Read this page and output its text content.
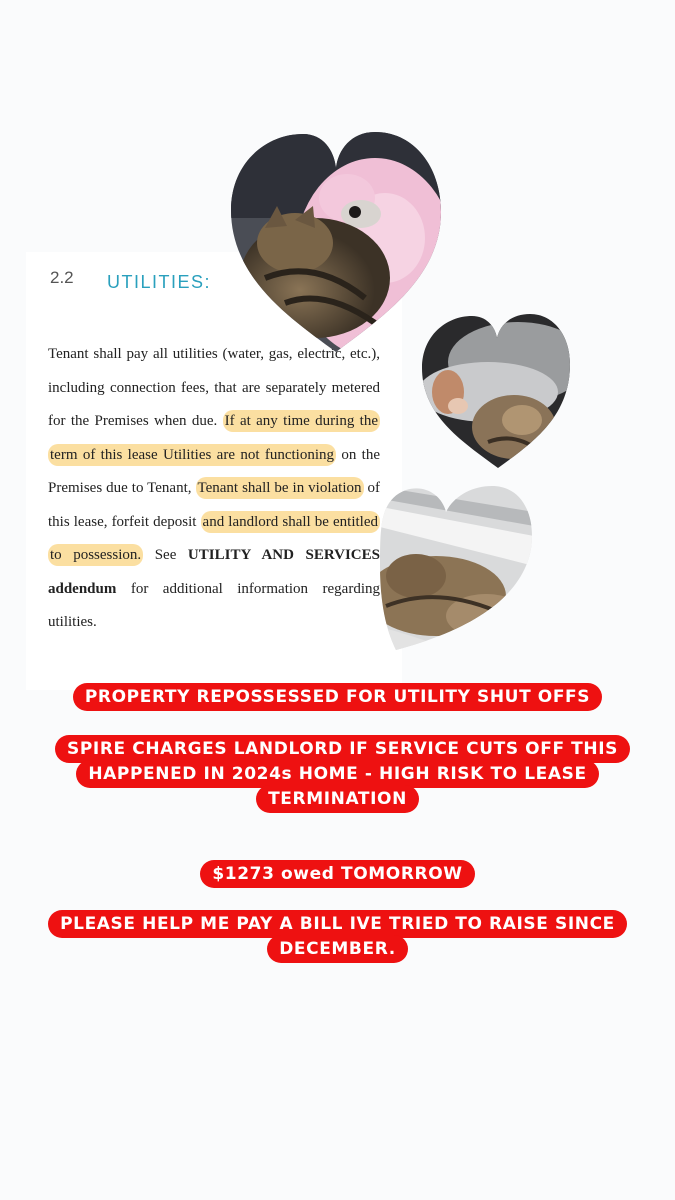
2.2 UTILITIES:
Tenant shall pay all utilities (water, gas, electric, etc.), including connection fees, that are separately metered for the Premises when due. If at any time during the term of this lease Utilities are not functioning on the Premises due to Tenant, Tenant shall be in violation of this lease, forfeit deposit and landlord shall be entitled to possession. See UTILITY AND SERVICES addendum for additional information regarding utilities.
PROPERTY REPOSSESSED FOR UTILITY SHUT OFFS
SPIRE CHARGES LANDLORD IF SERVICE CUTS OFF THIS HAPPENED IN 2024s HOME - HIGH RISK TO LEASE TERMINATION
$1273 owed TOMORROW
PLEASE HELP ME PAY A BILL IVE TRIED TO RAISE SINCE DECEMBER.
